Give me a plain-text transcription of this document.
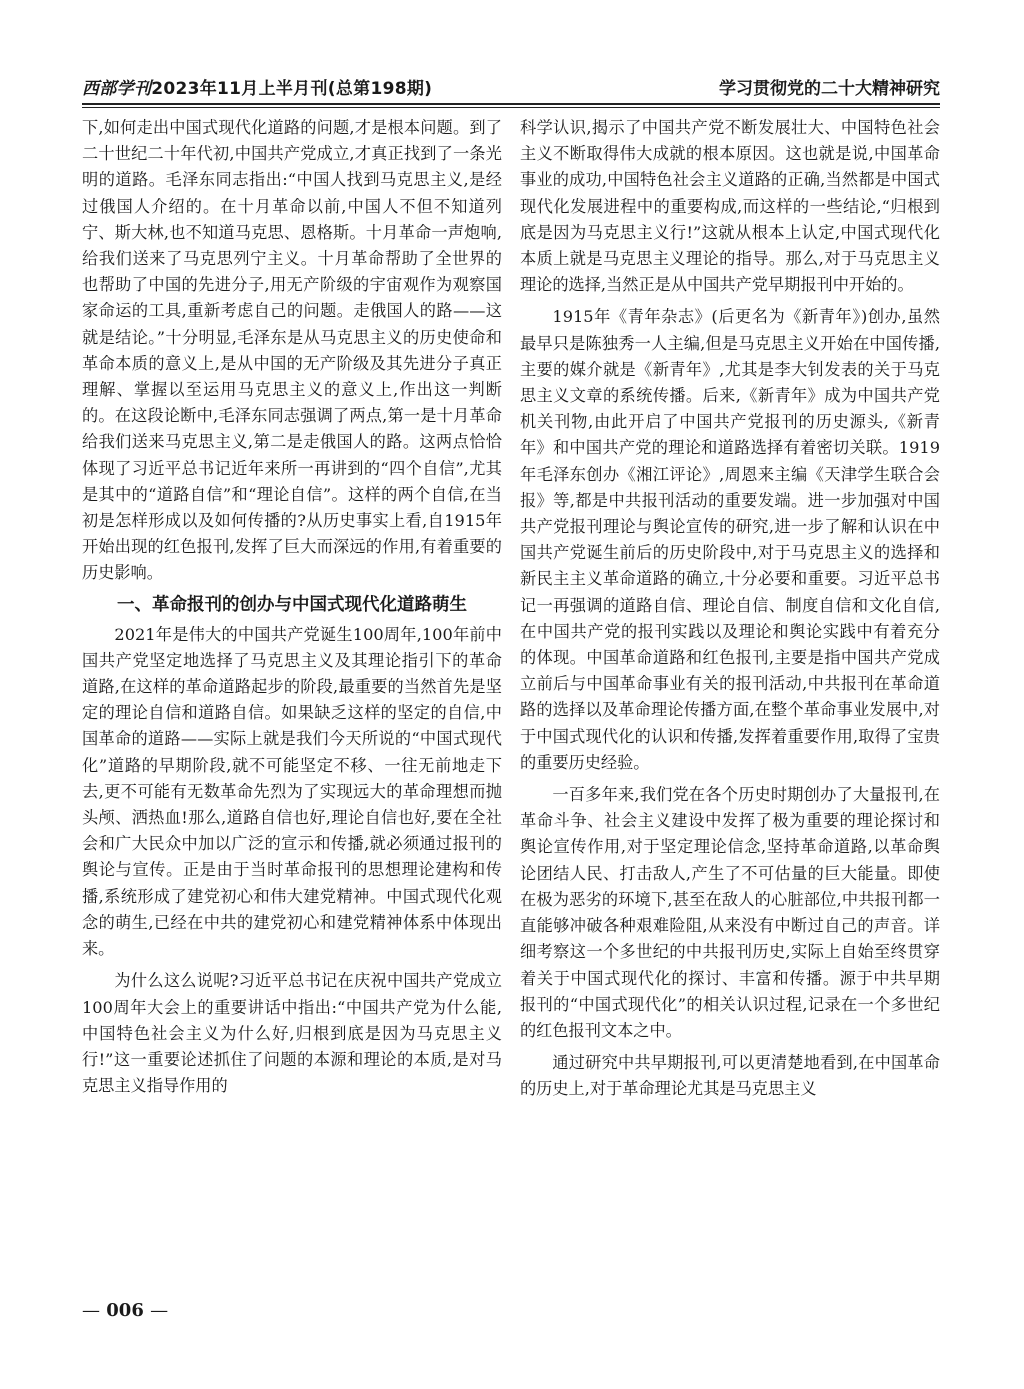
西部学刊2023年11月上半月刊(总第198期)	学习贯彻党的二十大精神研究

下,如何走出中国式现代化道路的问题,才是根本问题。到了二十世纪二十年代初,中国共产党成立,才真正找到了一条光明的道路。毛泽东同志指出:“中国人找到马克思主义,是经过俄国人介绍的。在十月革命以前,中国人不但不知道列宁、斯大林,也不知道马克思、恩格斯。十月革命一声炮响,给我们送来了马克思列宁主义。十月革命帮助了全世界的也帮助了中国的先进分子,用无产阶级的宇宙观作为观察国家命运的工具,重新考虑自己的问题。走俄国人的路——这就是结论。”十分明显,毛泽东是从马克思主义的历史使命和革命本质的意义上,是从中国的无产阶级及其先进分子真正理解、掌握以至运用马克思主义的意义上,作出这一判断的。在这段论断中,毛泽东同志强调了两点,第一是十月革命给我们送来马克思主义,第二是走俄国人的路。这两点恰恰体现了习近平总书记近年来所一再讲到的“四个自信”,尤其是其中的“道路自信”和“理论自信”。这样的两个自信,在当初是怎样形成以及如何传播的?从历史事实上看,自1915年开始出现的红色报刊,发挥了巨大而深远的作用,有着重要的历史影响。

一、革命报刊的创办与中国式现代化道路萌生

2021年是伟大的中国共产党诞生100周年,100年前中国共产党坚定地选择了马克思主义及其理论指引下的革命道路,在这样的革命道路起步的阶段,最重要的当然首先是坚定的理论自信和道路自信。如果缺乏这样的坚定的自信,中国革命的道路——实际上就是我们今天所说的“中国式现代化”道路的早期阶段,就不可能坚定不移、一往无前地走下去,更不可能有无数革命先烈为了实现远大的革命理想而抛头颅、洒热血!那么,道路自信也好,理论自信也好,要在全社会和广大民众中加以广泛的宣示和传播,就必须通过报刊的舆论与宣传。正是由于当时革命报刊的思想理论建构和传播,系统形成了建党初心和伟大建党精神。中国式现代化观念的萌生,已经在中共的建党初心和建党精神体系中体现出来。

为什么这么说呢?习近平总书记在庆祝中国共产党成立100周年大会上的重要讲话中指出:“中国共产党为什么能,中国特色社会主义为什么好,归根到底是因为马克思主义行!”这一重要论述抓住了问题的本源和理论的本质,是对马克思主义指导作用的

科学认识,揭示了中国共产党不断发展壮大、中国特色社会主义不断取得伟大成就的根本原因。这也就是说,中国革命事业的成功,中国特色社会主义道路的正确,当然都是中国式现代化发展进程中的重要构成,而这样的一些结论,“归根到底是因为马克思主义行!”这就从根本上认定,中国式现代化本质上就是马克思主义理论的指导。那么,对于马克思主义理论的选择,当然正是从中国共产党早期报刊中开始的。

1915年《青年杂志》(后更名为《新青年》)创办,虽然最早只是陈独秀一人主编,但是马克思主义开始在中国传播,主要的媒介就是《新青年》,尤其是李大钊发表的关于马克思主义文章的系统传播。后来,《新青年》成为中国共产党机关刊物,由此开启了中国共产党报刊的历史源头,《新青年》和中国共产党的理论和道路选择有着密切关联。1919年毛泽东创办《湘江评论》,周恩来主编《天津学生联合会报》等,都是中共报刊活动的重要发端。进一步加强对中国共产党报刊理论与舆论宣传的研究,进一步了解和认识在中国共产党诞生前后的历史阶段中,对于马克思主义的选择和新民主主义革命道路的确立,十分必要和重要。习近平总书记一再强调的道路自信、理论自信、制度自信和文化自信,在中国共产党的报刊实践以及理论和舆论实践中有着充分的体现。中国革命道路和红色报刊,主要是指中国共产党成立前后与中国革命事业有关的报刊活动,中共报刊在革命道路的选择以及革命理论传播方面,在整个革命事业发展中,对于中国式现代化的认识和传播,发挥着重要作用,取得了宝贵的重要历史经验。

一百多年来,我们党在各个历史时期创办了大量报刊,在革命斗争、社会主义建设中发挥了极为重要的理论探讨和舆论宣传作用,对于坚定理论信念,坚持革命道路,以革命舆论团结人民、打击敌人,产生了不可估量的巨大能量。即使在极为恶劣的环境下,甚至在敌人的心脏部位,中共报刊都一直能够冲破各种艰难险阻,从来没有中断过自己的声音。详细考察这一个多世纪的中共报刊历史,实际上自始至终贯穿着关于中国式现代化的探讨、丰富和传播。源于中共早期报刊的“中国式现代化”的相关认识过程,记录在一个多世纪的红色报刊文本之中。

通过研究中共早期报刊,可以更清楚地看到,在中国革命的历史上,对于革命理论尤其是马克思主义

— 006 —
